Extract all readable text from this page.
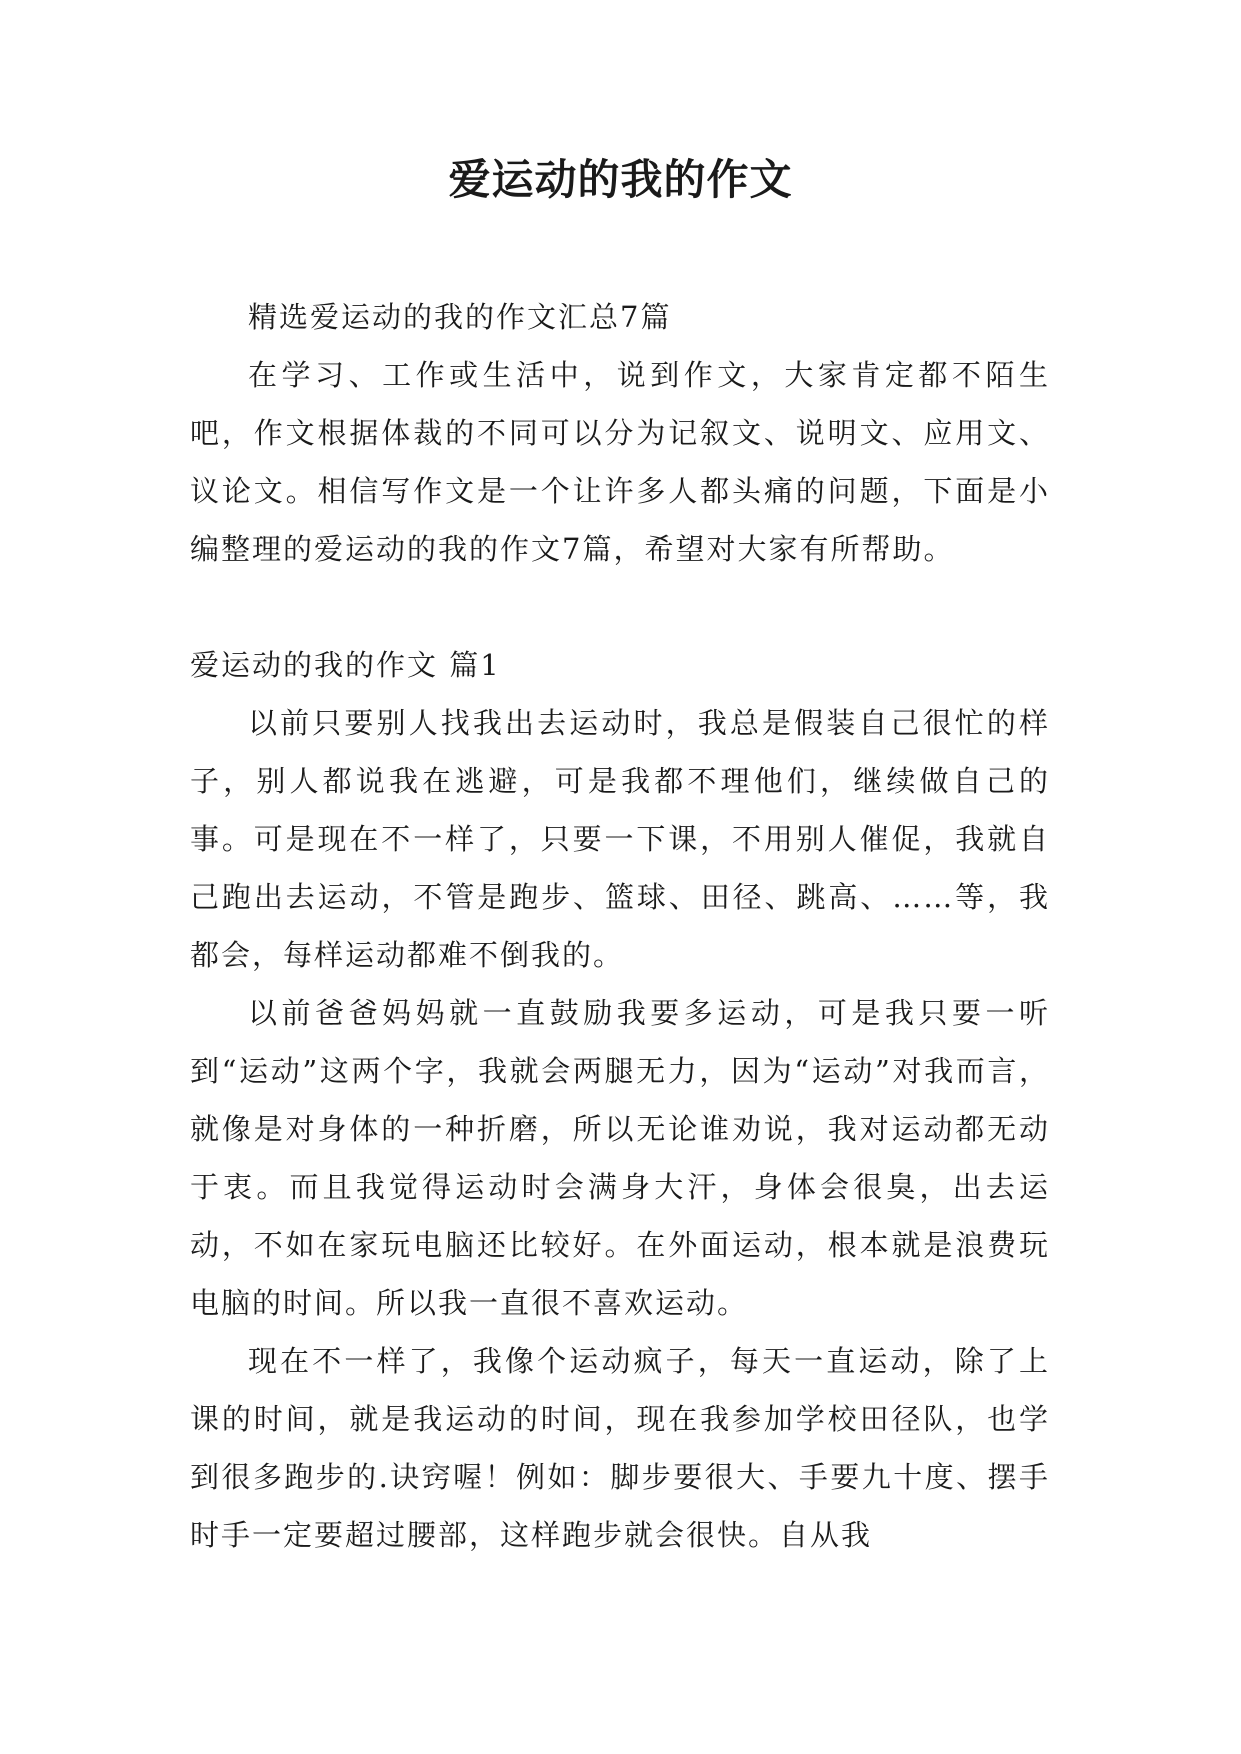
爱运动的我的作文

精选爱运动的我的作文汇总7篇

在学习、工作或生活中，说到作文，大家肯定都不陌生吧，作文根据体裁的不同可以分为记叙文、说明文、应用文、议论文。相信写作文是一个让许多人都头痛的问题，下面是小编整理的爱运动的我的作文7篇，希望对大家有所帮助。

爱运动的我的作文 篇1

以前只要别人找我出去运动时，我总是假装自己很忙的样子，别人都说我在逃避，可是我都不理他们，继续做自己的事。可是现在不一样了，只要一下课，不用别人催促，我就自己跑出去运动，不管是跑步、篮球、田径、跳高、……等，我都会，每样运动都难不倒我的。

以前爸爸妈妈就一直鼓励我要多运动，可是我只要一听到“运动”这两个字，我就会两腿无力，因为“运动”对我而言，就像是对身体的一种折磨，所以无论谁劝说，我对运动都无动于衷。而且我觉得运动时会满身大汗，身体会很臭，出去运动，不如在家玩电脑还比较好。在外面运动，根本就是浪费玩电脑的时间。所以我一直很不喜欢运动。

现在不一样了，我像个运动疯子，每天一直运动，除了上课的时间，就是我运动的时间，现在我参加学校田径队，也学到很多跑步的.诀窍喔！例如：脚步要很大、手要九十度、摆手时手一定要超过腰部，这样跑步就会很快。自从我
